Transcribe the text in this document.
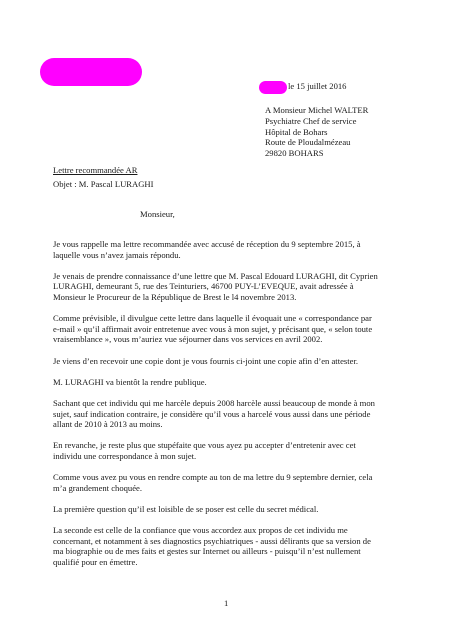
le 15 juillet 2016
A Monsieur Michel WALTER
Psychiatre Chef de service
Hôpital de Bohars
Route de Ploudalmézeau
29820 BOHARS
Lettre recommandée AR
Objet : M. Pascal LURAGHI
Monsieur,
Je vous rappelle ma lettre recommandée avec accusé de réception du 9 septembre 2015, à
laquelle vous n’avez jamais répondu.
Je venais de prendre connaissance d’une lettre que M. Pascal Edouard LURAGHI, dit Cyprien
LURAGHI, demeurant 5, rue des Teinturiers, 46700 PUY-L’EVEQUE, avait adressée à
Monsieur le Procureur de la République de Brest le l4 novembre 2013.
Comme prévisible, il divulgue cette lettre dans laquelle il évoquait une « correspondance par
e-mail » qu’il affirmait avoir entretenue avec vous à mon sujet, y précisant que, « selon toute
vraisemblance », vous m’auriez vue séjourner dans vos services en avril 2002.
Je viens d’en recevoir une copie dont je vous fournis ci-joint une copie afin d’en attester.
M. LURAGHI va bientôt la rendre publique.
Sachant que cet individu qui me harcèle depuis 2008 harcèle aussi beaucoup de monde à mon
sujet, sauf indication contraire, je considère qu’il vous a harcelé vous aussi dans une période
allant de 2010 à 2013 au moins.
En revanche, je reste plus que stupéfaite que vous ayez pu accepter d’entretenir avec cet
individu une correspondance à mon sujet.
Comme vous avez pu vous en rendre compte au ton de ma lettre du 9 septembre dernier, cela
m’a grandement choquée.
La première question qu’il est loisible de se poser est celle du secret médical.
La seconde est celle de la confiance que vous accordez aux propos de cet individu me
concernant, et notamment à ses diagnostics psychiatriques - aussi délirants que sa version de
ma biographie ou de mes faits et gestes sur Internet ou ailleurs - puisqu’il n’est nullement
qualifié pour en émettre.
1
